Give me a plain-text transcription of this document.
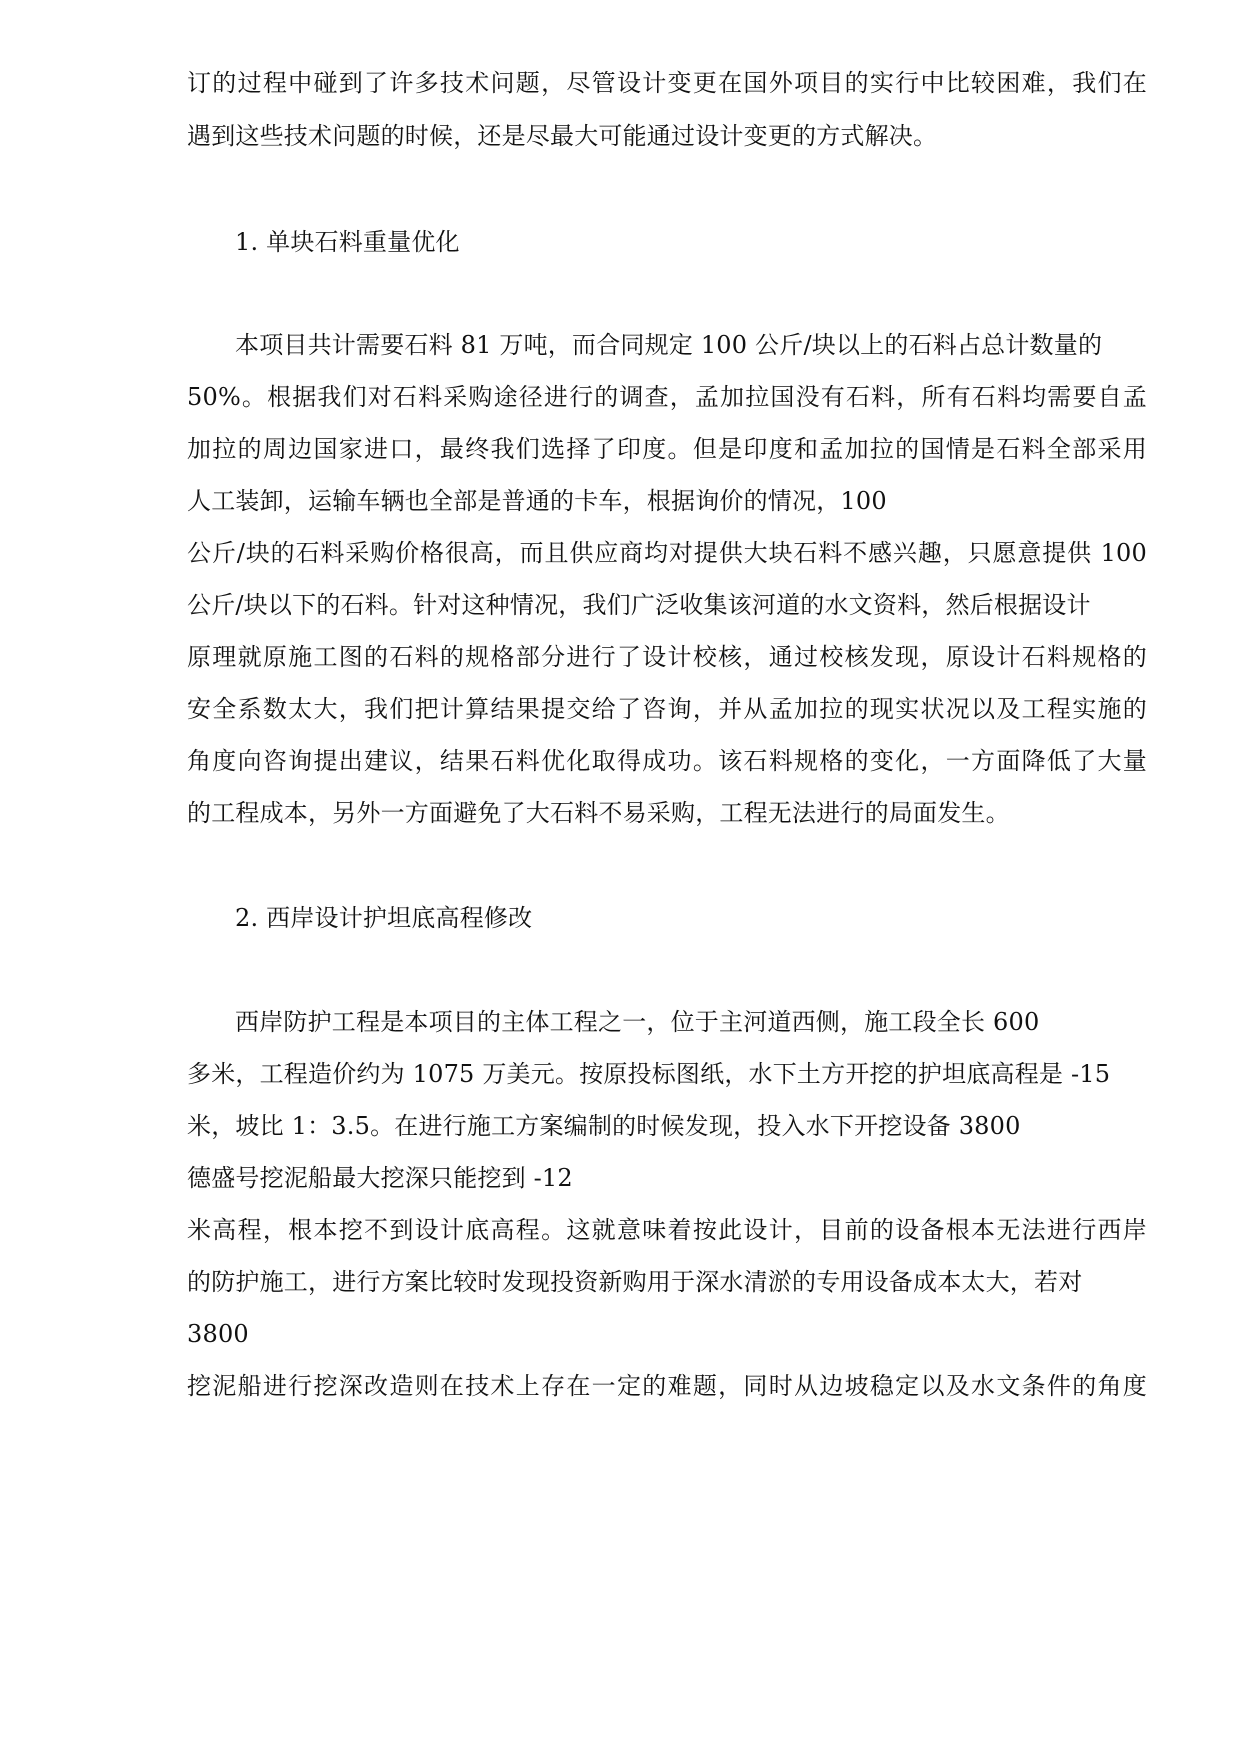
订的过程中碰到了许多技术问题，尽管设计变更在国外项目的实行中比较困难，我们在
遇到这些技术问题的时候，还是尽最大可能通过设计变更的方式解决。
1. 单块石料重量优化
本项目共计需要石料 81 万吨，而合同规定 100 公斤/块以上的石料占总计数量的
50%。根据我们对石料采购途径进行的调查，孟加拉国没有石料，所有石料均需要自孟
加拉的周边国家进口，最终我们选择了印度。但是印度和孟加拉的国情是石料全部采用
人工装卸，运输车辆也全部是普通的卡车，根据询价的情况，100
公斤/块的石料采购价格很高，而且供应商均对提供大块石料不感兴趣，只愿意提供 100
公斤/块以下的石料。针对这种情况，我们广泛收集该河道的水文资料，然后根据设计
原理就原施工图的石料的规格部分进行了设计校核，通过校核发现，原设计石料规格的
安全系数太大，我们把计算结果提交给了咨询，并从孟加拉的现实状况以及工程实施的
角度向咨询提出建议，结果石料优化取得成功。该石料规格的变化，一方面降低了大量
的工程成本，另外一方面避免了大石料不易采购，工程无法进行的局面发生。
2. 西岸设计护坦底高程修改
西岸防护工程是本项目的主体工程之一，位于主河道西侧，施工段全长 600
多米，工程造价约为 1075 万美元。按原投标图纸，水下土方开挖的护坦底高程是 -15
米，坡比 1：3.5。在进行施工方案编制的时候发现，投入水下开挖设备 3800
德盛号挖泥船最大挖深只能挖到 -12
米高程，根本挖不到设计底高程。这就意味着按此设计，目前的设备根本无法进行西岸
的防护施工，进行方案比较时发现投资新购用于深水清淤的专用设备成本太大，若对
3800
挖泥船进行挖深改造则在技术上存在一定的难题，同时从边坡稳定以及水文条件的角度
